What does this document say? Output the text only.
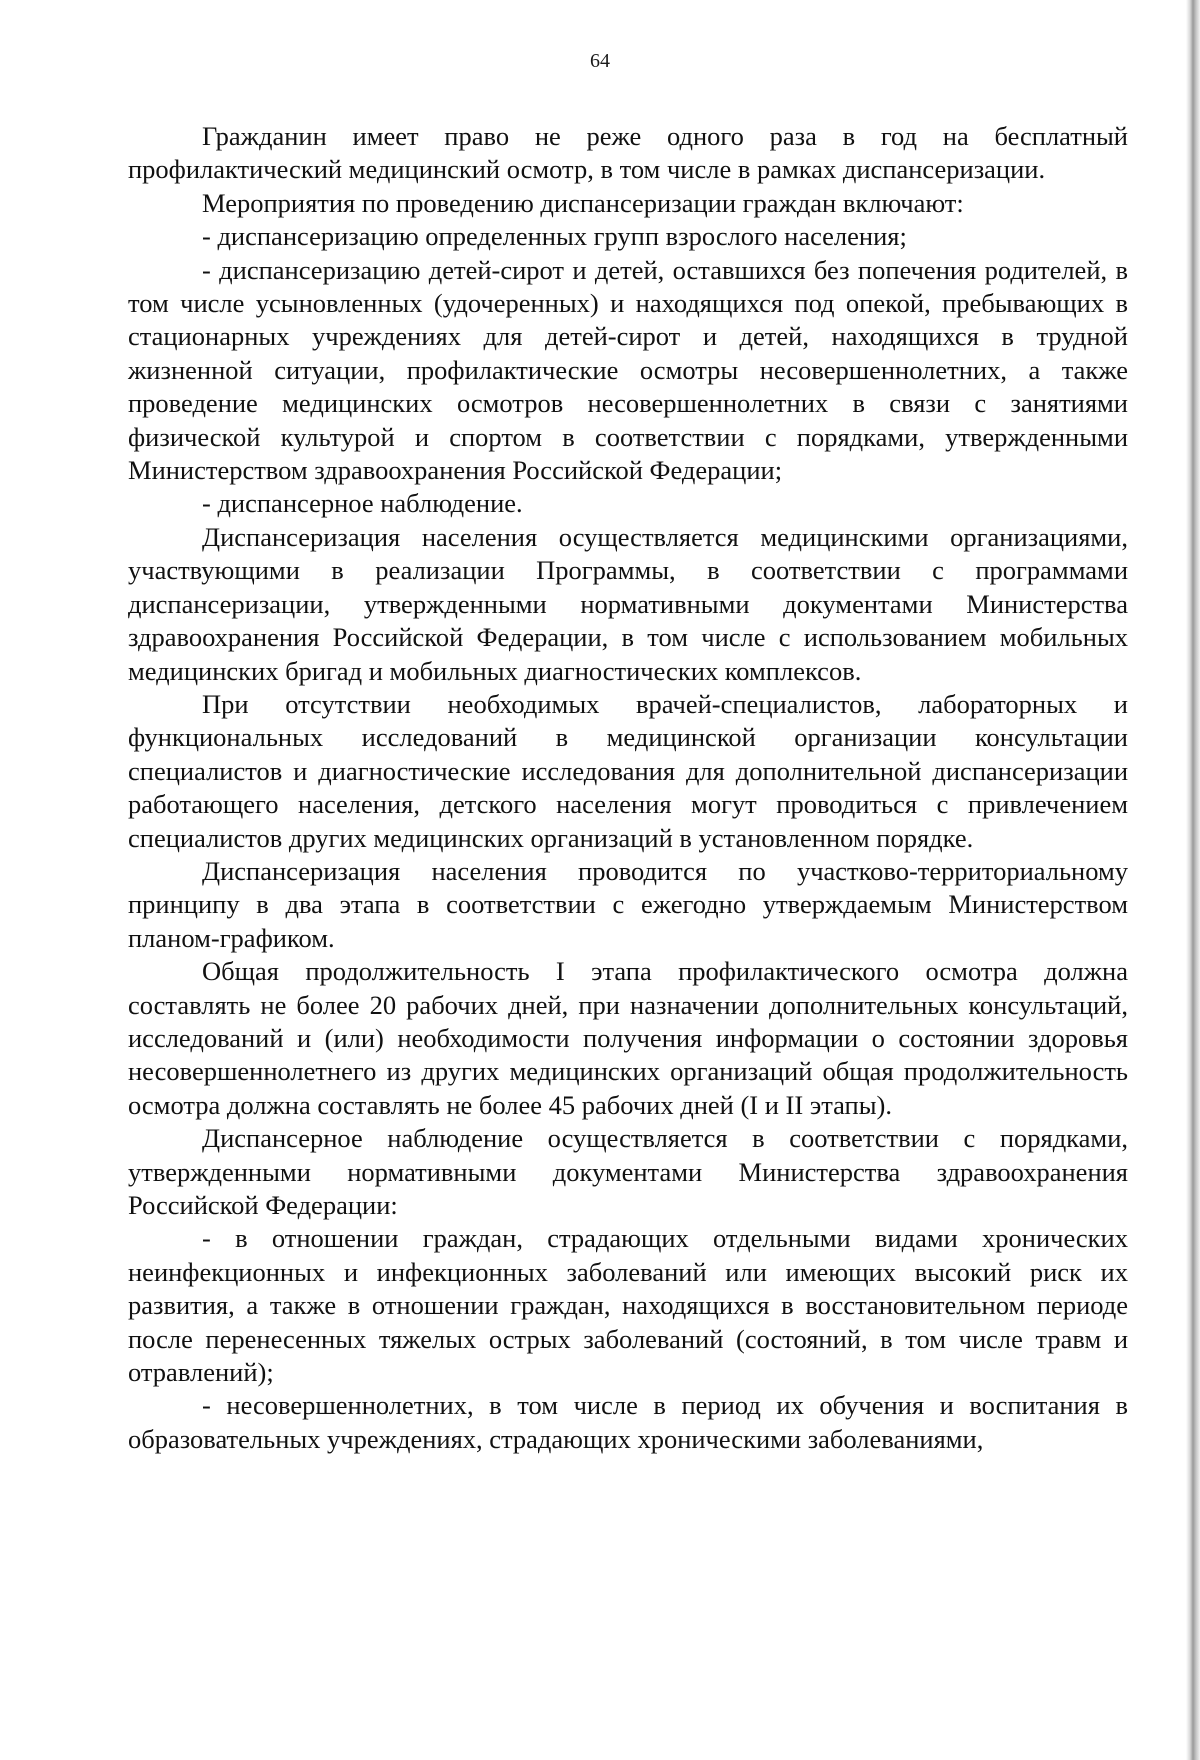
64

Гражданин имеет право не реже одного раза в год на бесплатный профилактический медицинский осмотр, в том числе в рамках диспансеризации.

Мероприятия по проведению диспансеризации граждан включают:

- диспансеризацию определенных групп взрослого населения;

- диспансеризацию детей-сирот и детей, оставшихся без попечения родителей, в том числе усыновленных (удочеренных) и находящихся под опекой, пребывающих в стационарных учреждениях для детей-сирот и детей, находящихся в трудной жизненной ситуации, профилактические осмотры несовершеннолетних, а также проведение медицинских осмотров несовершеннолетних в связи с занятиями физической культурой и спортом в соответствии с порядками, утвержденными Министерством здравоохранения Российской Федерации;

- диспансерное наблюдение.

Диспансеризация населения осуществляется медицинскими организациями, участвующими в реализации Программы, в соответствии с программами диспансеризации, утвержденными нормативными документами Министерства здравоохранения Российской Федерации, в том числе с использованием мобильных медицинских бригад и мобильных диагностических комплексов.

При отсутствии необходимых врачей-специалистов, лабораторных и функциональных исследований в медицинской организации консультации специалистов и диагностические исследования для дополнительной диспансеризации работающего населения, детского населения могут проводиться с привлечением специалистов других медицинских организаций в установленном порядке.

Диспансеризация населения проводится по участково-территориальному принципу в два этапа в соответствии с ежегодно утверждаемым Министерством планом-графиком.

Общая продолжительность I этапа профилактического осмотра должна составлять не более 20 рабочих дней, при назначении дополнительных консультаций, исследований и (или) необходимости получения информации о состоянии здоровья несовершеннолетнего из других медицинских организаций общая продолжительность осмотра должна составлять не более 45 рабочих дней (I и II этапы).

Диспансерное наблюдение осуществляется в соответствии с порядками, утвержденными нормативными документами Министерства здравоохранения Российской Федерации:

- в отношении граждан, страдающих отдельными видами хронических неинфекционных и инфекционных заболеваний или имеющих высокий риск их развития, а также в отношении граждан, находящихся в восстановительном периоде после перенесенных тяжелых острых заболеваний (состояний, в том числе травм и отравлений);

- несовершеннолетних, в том числе в период их обучения и воспитания в образовательных учреждениях, страдающих хроническими заболеваниями,
